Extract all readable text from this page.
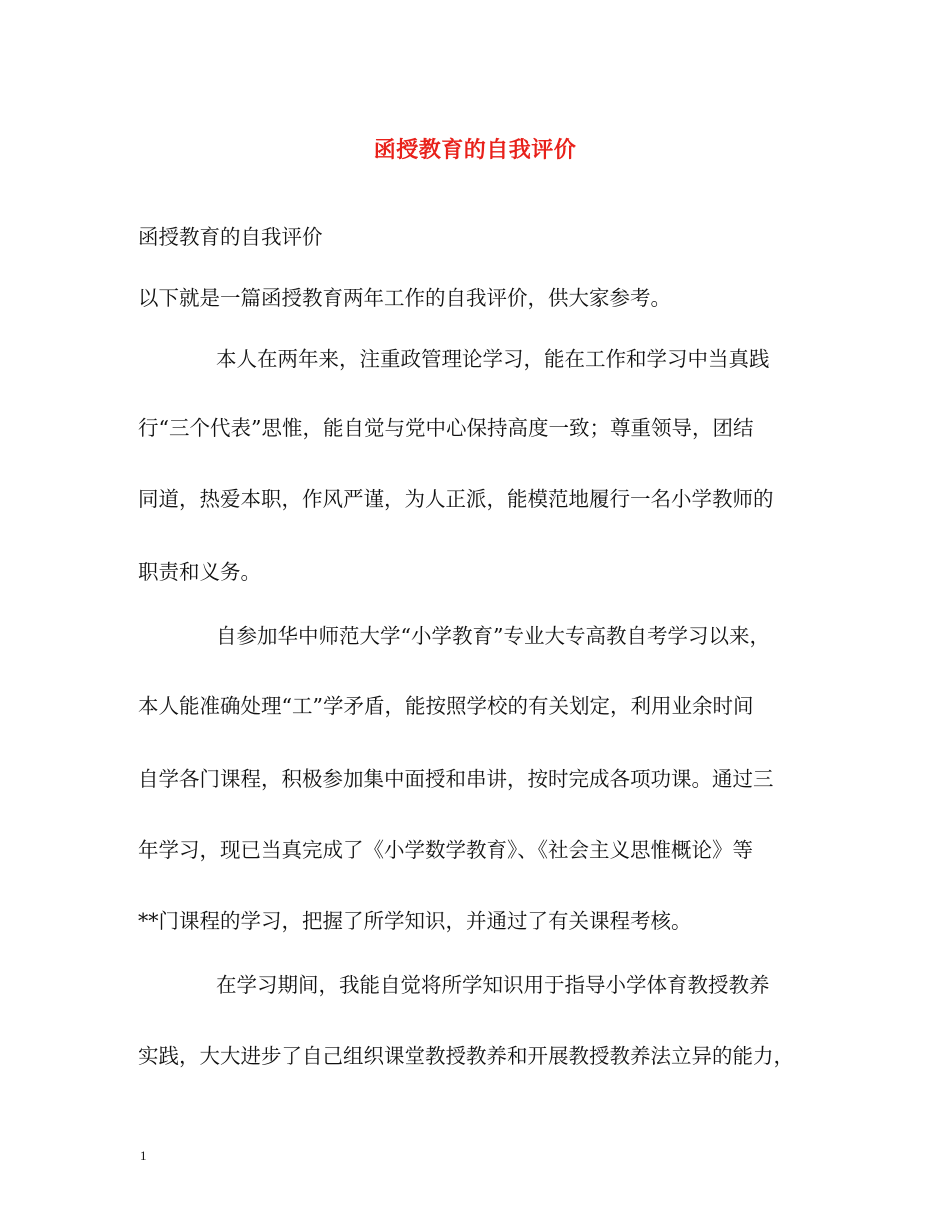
函授教育的自我评价
函授教育的自我评价
以下就是一篇函授教育两年工作的自我评价，供大家参考。
本人在两年来，注重政管理论学习，能在工作和学习中当真践
行“三个代表”思惟，能自觉与党中心保持高度一致；尊重领导，团结
同道，热爱本职，作风严谨，为人正派，能模范地履行一名小学教师的
职责和义务。
自参加华中师范大学“小学教育”专业大专高教自考学习以来，
本人能准确处理“工”学矛盾，能按照学校的有关划定，利用业余时间
自学各门课程，积极参加集中面授和串讲，按时完成各项功课。通过三
年学习，现已当真完成了《小学数学教育》、《社会主义思惟概论》等
**门课程的学习，把握了所学知识，并通过了有关课程考核。
在学习期间，我能自觉将所学知识用于指导小学体育教授教养
实践，大大进步了自己组织课堂教授教养和开展教授教养法立异的能力，
1
